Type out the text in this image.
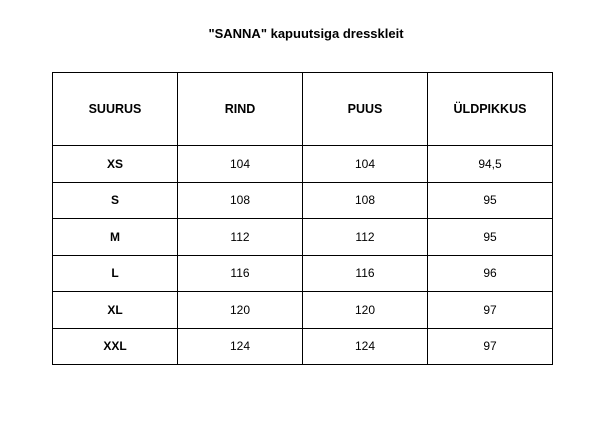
"SANNA" kapuutsiga dresskleit
SUURUS	RIND	PUUS	ÜLDPIKKUS
XS	104	104	94,5
S	108	108	95
M	112	112	95
L	116	116	96
XL	120	120	97
XXL	124	124	97
